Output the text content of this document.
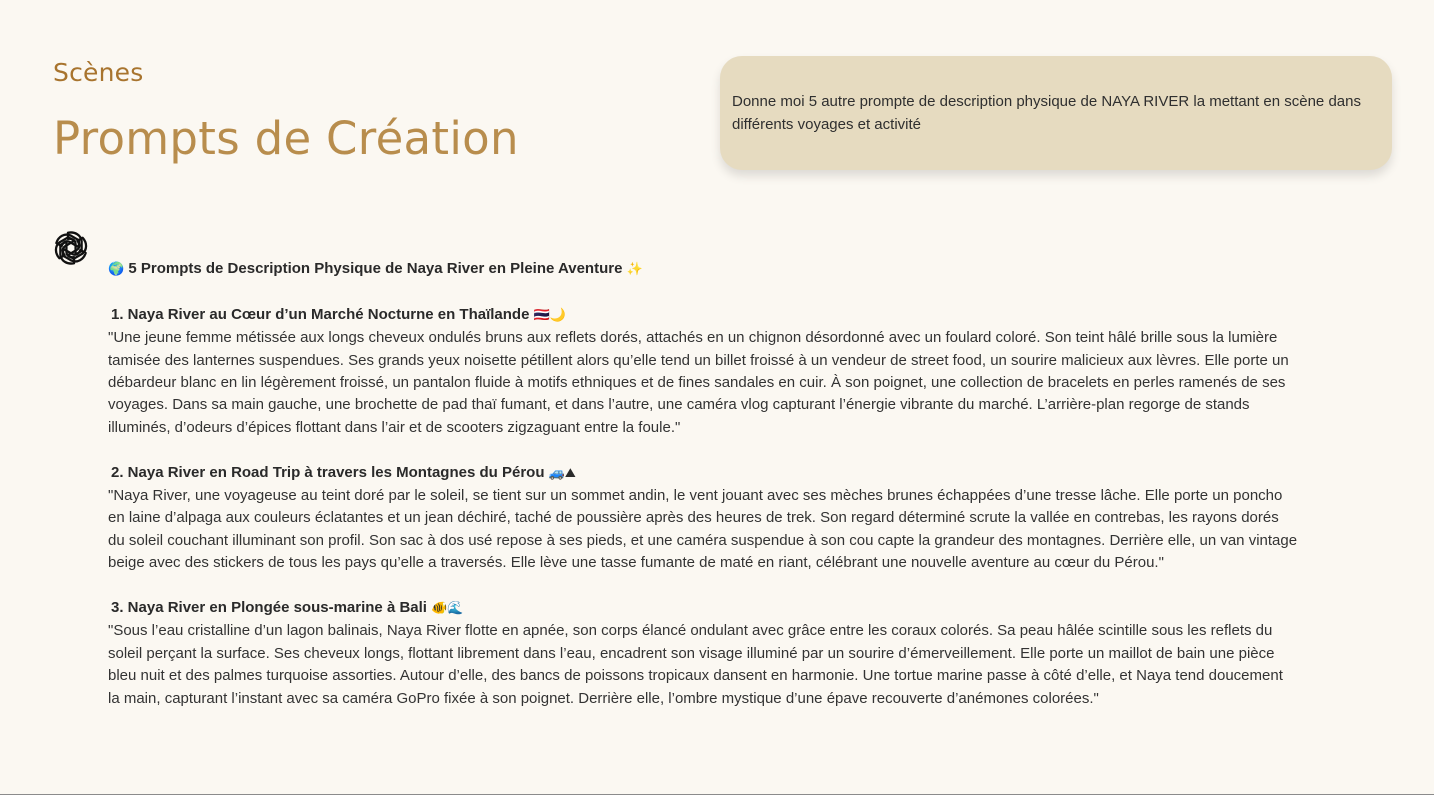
Scènes
Prompts de Création
Donne moi 5 autre prompte de description physique de NAYA RIVER la mettant en scène dans différents voyages et activité
🌍 5 Prompts de Description Physique de Naya River en Pleine Aventure ✨
1. Naya River au Cœur d’un Marché Nocturne en Thaïlande 🇹🇭🌙

"Une jeune femme métissée aux longs cheveux ondulés bruns aux reflets dorés, attachés en un chignon désordonné avec un foulard coloré. Son teint hâlé brille sous la lumière tamisée des lanternes suspendues. Ses grands yeux noisette pétillent alors qu’elle tend un billet froissé à un vendeur de street food, un sourire malicieux aux lèvres. Elle porte un débardeur blanc en lin légèrement froissé, un pantalon fluide à motifs ethniques et de fines sandales en cuir. À son poignet, une collection de bracelets en perles ramenés de ses voyages. Dans sa main gauche, une brochette de pad thaï fumant, et dans l’autre, une caméra vlog capturant l’énergie vibrante du marché. L’arrière-plan regorge de stands illuminés, d’odeurs d’épices flottant dans l’air et de scooters zigzaguant entre la foule."

2. Naya River en Road Trip à travers les Montagnes du Pérou 🚙⛰

"Naya River, une voyageuse au teint doré par le soleil, se tient sur un sommet andin, le vent jouant avec ses mèches brunes échappées d’une tresse lâche. Elle porte un poncho en laine d’alpaga aux couleurs éclatantes et un jean déchiré, taché de poussière après des heures de trek. Son regard déterminé scrute la vallée en contrebas, les rayons dorés du soleil couchant illuminant son profil. Son sac à dos usé repose à ses pieds, et une caméra suspendue à son cou capte la grandeur des montagnes. Derrière elle, un van vintage beige avec des stickers de tous les pays qu’elle a traversés. Elle lève une tasse fumante de maté en riant, célébrant une nouvelle aventure au cœur du Pérou."

3. Naya River en Plongée sous-marine à Bali 🐠🌊

"Sous l’eau cristalline d’un lagon balinais, Naya River flotte en apnée, son corps élancé ondulant avec grâce entre les coraux colorés. Sa peau hâlée scintille sous les reflets du soleil perçant la surface. Ses cheveux longs, flottant librement dans l’eau, encadrent son visage illuminé par un sourire d’émerveillement. Elle porte un maillot de bain une pièce bleu nuit et des palmes turquoise assorties. Autour d’elle, des bancs de poissons tropicaux dansent en harmonie. Une tortue marine passe à côté d’elle, et Naya tend doucement la main, capturant l’instant avec sa caméra GoPro fixée à son poignet. Derrière elle, l’ombre mystique d’une épave recouverte d’anémones colorées."
